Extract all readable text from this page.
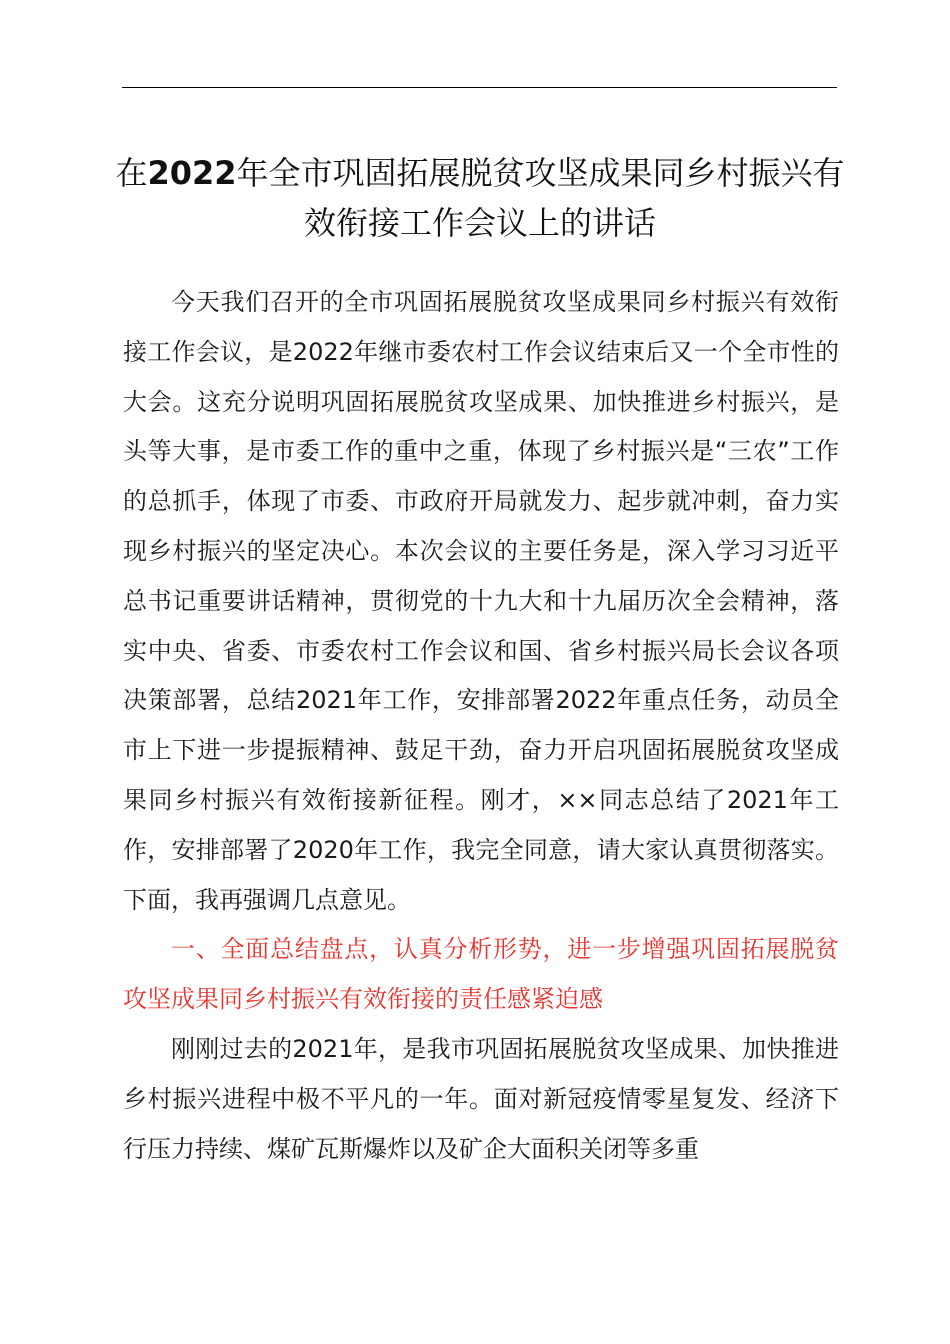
在2022年全市巩固拓展脱贫攻坚成果同乡村振兴有效衔接工作会议上的讲话

今天我们召开的全市巩固拓展脱贫攻坚成果同乡村振兴有效衔接工作会议，是2022年继市委农村工作会议结束后又一个全市性的大会。这充分说明巩固拓展脱贫攻坚成果、加快推进乡村振兴，是头等大事，是市委工作的重中之重，体现了乡村振兴是“三农”工作的总抓手，体现了市委、市政府开局就发力、起步就冲刺，奋力实现乡村振兴的坚定决心。本次会议的主要任务是，深入学习习近平总书记重要讲话精神，贯彻党的十九大和十九届历次全会精神，落实中央、省委、市委农村工作会议和国、省乡村振兴局长会议各项决策部署，总结2021年工作，安排部署2022年重点任务，动员全市上下进一步提振精神、鼓足干劲，奋力开启巩固拓展脱贫攻坚成果同乡村振兴有效衔接新征程。刚才，××同志总结了2021年工作，安排部署了2020年工作，我完全同意，请大家认真贯彻落实。下面，我再强调几点意见。

一、全面总结盘点，认真分析形势，进一步增强巩固拓展脱贫攻坚成果同乡村振兴有效衔接的责任感紧迫感

刚刚过去的2021年，是我市巩固拓展脱贫攻坚成果、加快推进乡村振兴进程中极不平凡的一年。面对新冠疫情零星复发、经济下行压力持续、煤矿瓦斯爆炸以及矿企大面积关闭等多重
